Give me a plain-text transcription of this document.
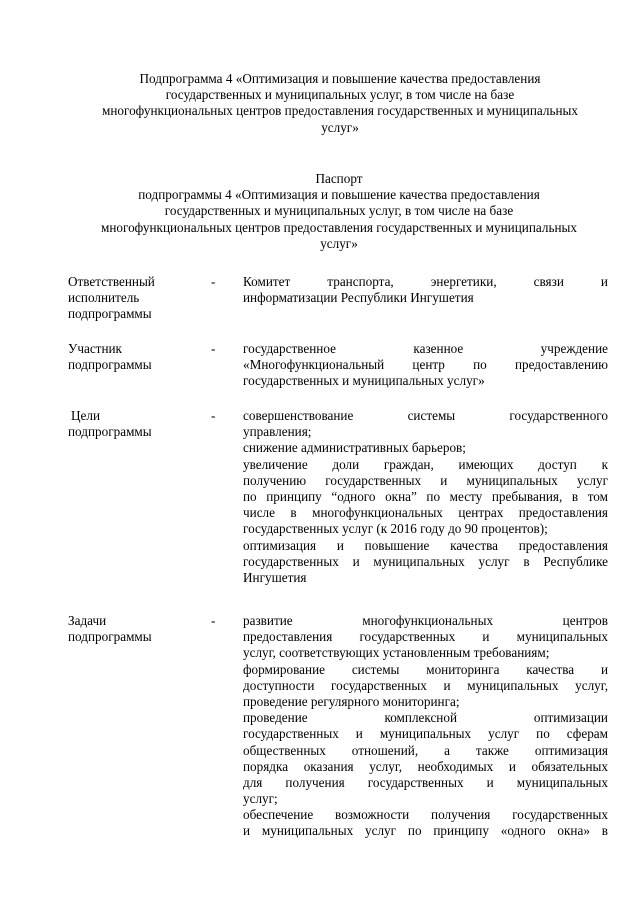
Подпрограмма 4 «Оптимизация и повышение качества предоставления
государственных и муниципальных услуг, в том числе на базе
многофункциональных центров предоставления государственных и муниципальных
услуг»
Паспорт
подпрограммы 4 «Оптимизация и повышение качества предоставления
государственных и муниципальных услуг, в том числе на базе
многофункциональных центров предоставления государственных и муниципальных
услуг»
Ответственный
исполнитель
подпрограммы
- Комитет транспорта, энергетики, связи и
информатизации Республики Ингушетия
Участник
подпрограммы
- государственное казенное учреждение
«Многофункциональный центр по предоставлению
государственных и муниципальных услуг»
Цели
подпрограммы
- совершенствование системы государственного
управления;
снижение административных барьеров;
увеличение доли граждан, имеющих доступ к
получению государственных и муниципальных услуг
по принципу “одного окна” по месту пребывания, в том
числе в многофункциональных центрах предоставления
государственных услуг (к 2016 году до 90 процентов);
оптимизация и повышение качества предоставления
государственных и муниципальных услуг в Республике
Ингушетия
Задачи
подпрограммы
- развитие многофункциональных центров
предоставления государственных и муниципальных
услуг, соответствующих установленным требованиям;
формирование системы мониторинга качества и
доступности государственных и муниципальных услуг,
проведение регулярного мониторинга;
проведение комплексной оптимизации
государственных и муниципальных услуг по сферам
общественных отношений, а также оптимизация
порядка оказания услуг, необходимых и обязательных
для получения государственных и муниципальных
услуг;
обеспечение возможности получения государственных
и муниципальных услуг по принципу «одного окна» в
